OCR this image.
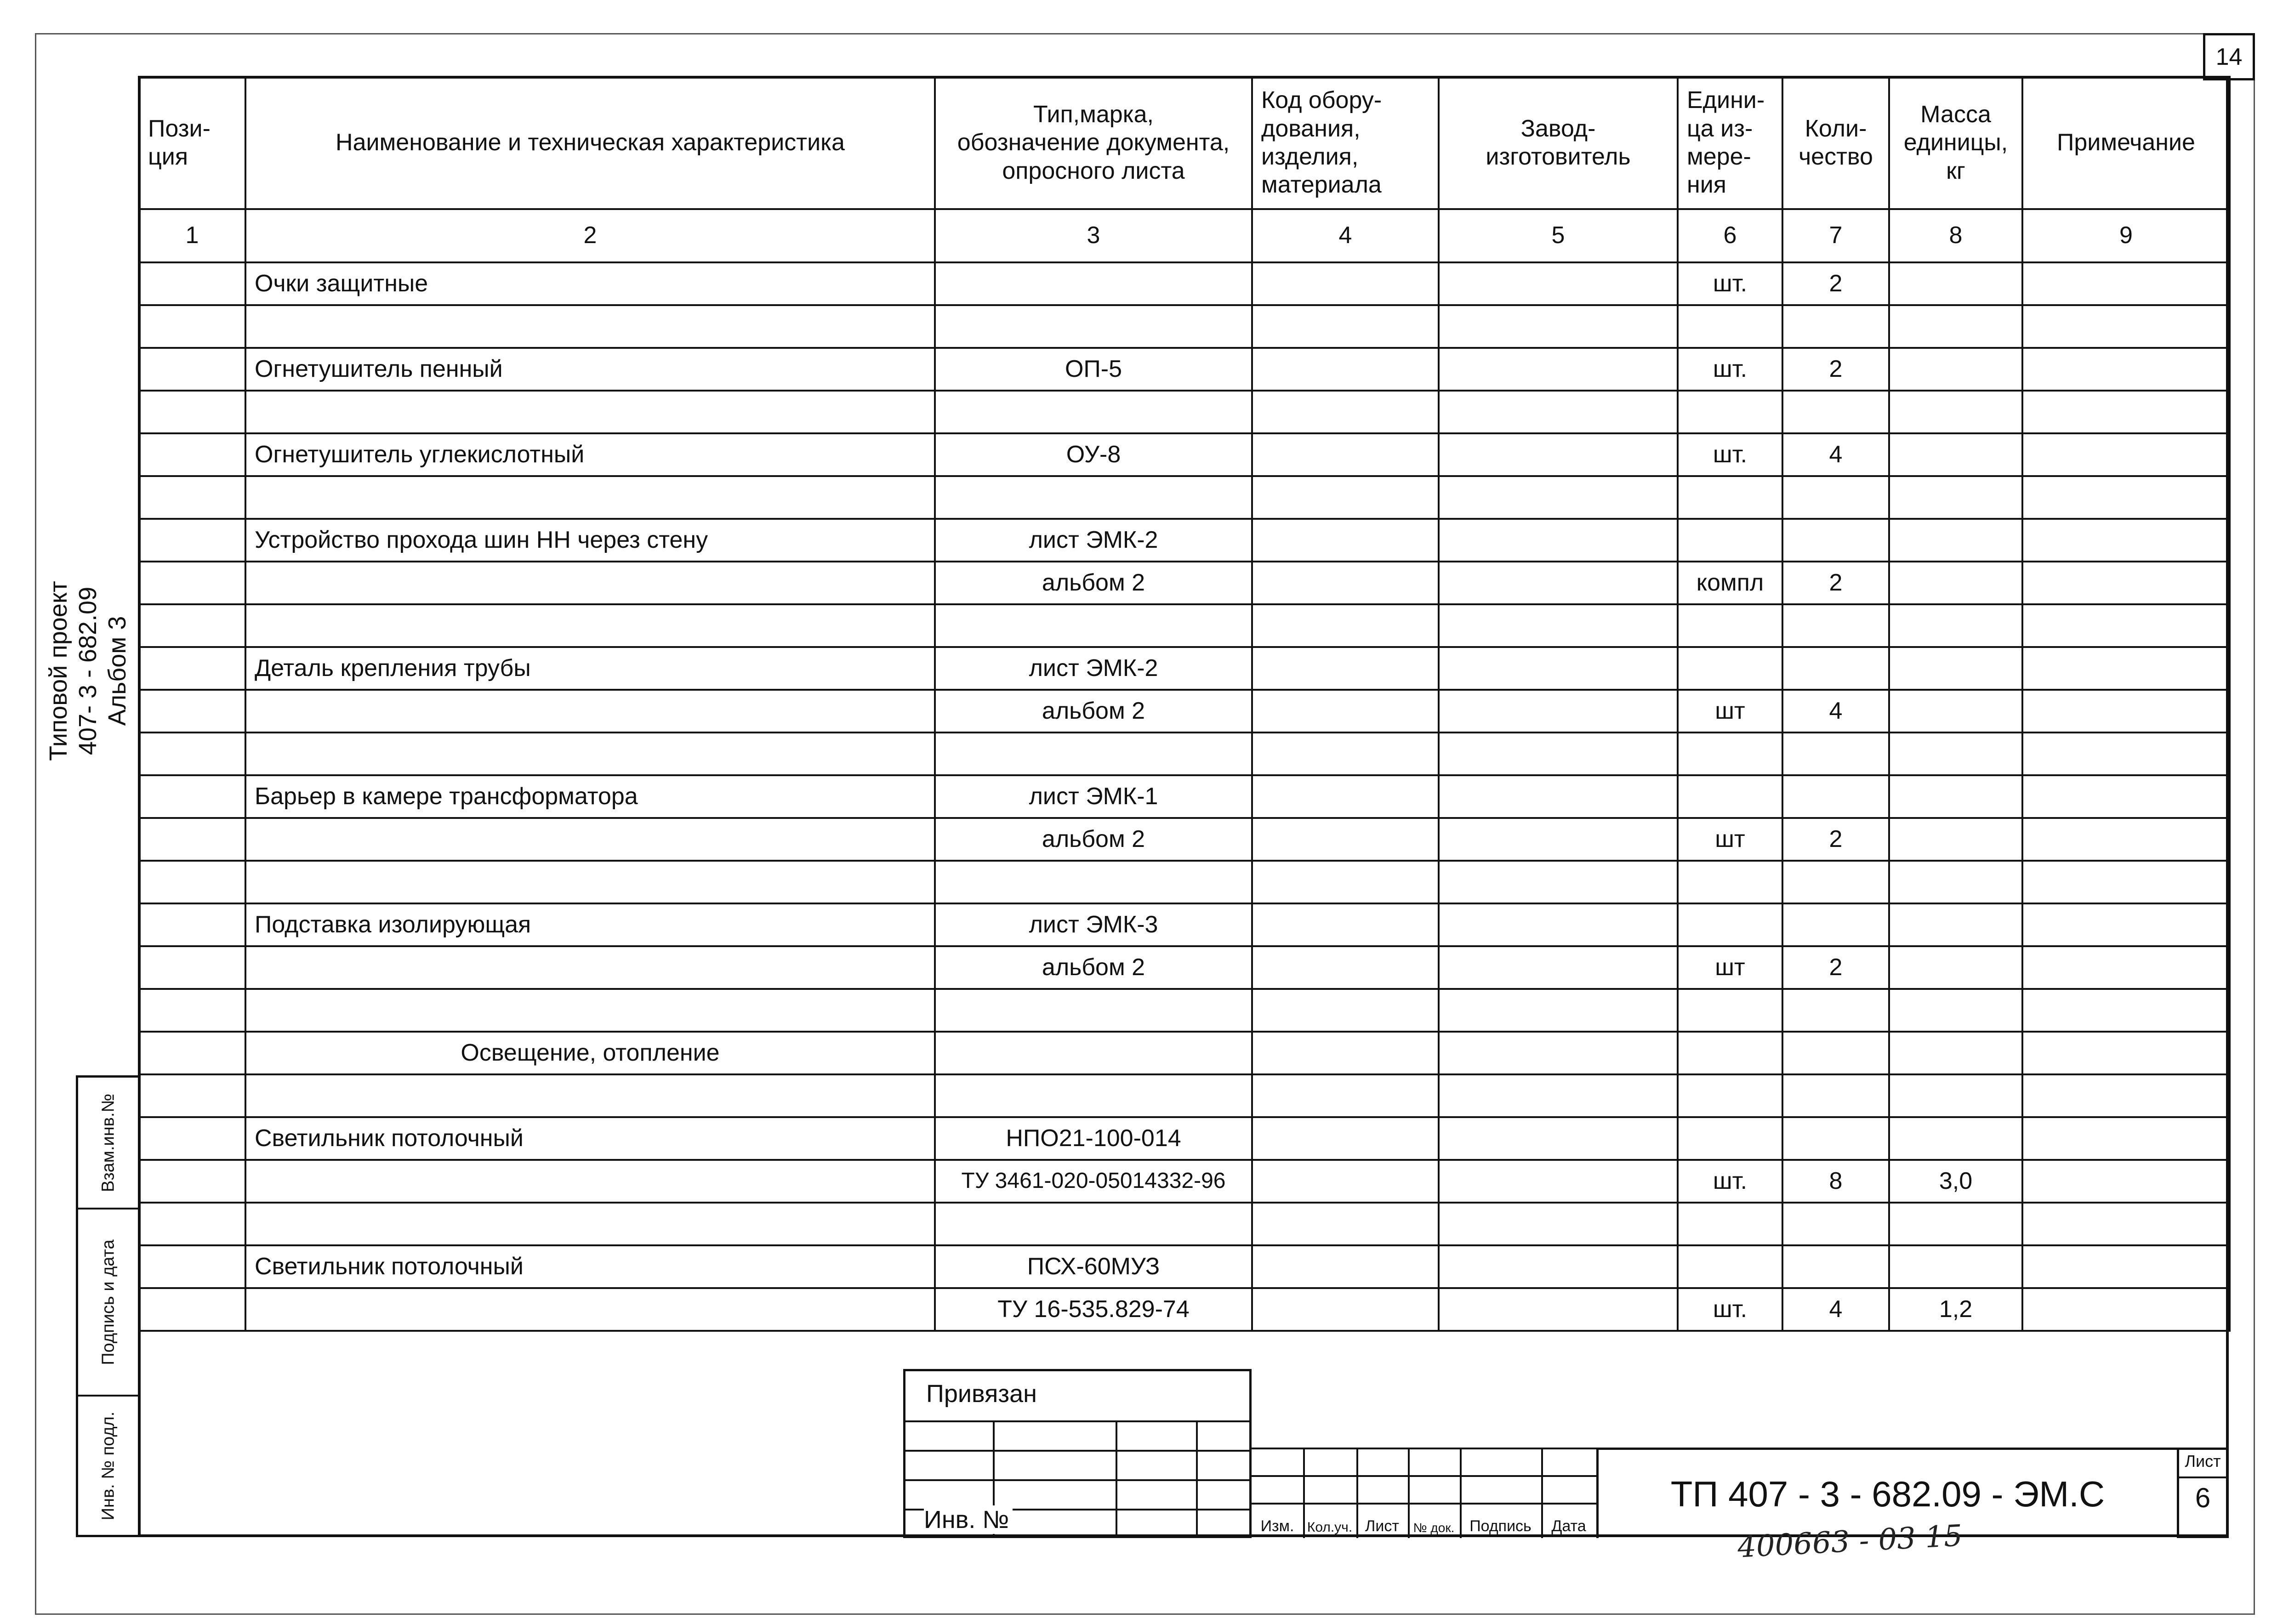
14
Типовой проект 407- 3 - 682.09 Альбом 3
Пози-
ция	Наименование и техническая характеристика	Тип,марка,
обозначение документа,
опросного листа	Код обору-
дования,
изделия,
материала	Завод-
изготовитель	Едини-
ца из-
мере-
ния	Коли-
чество	Масса
единицы,
кг	Примечание
1	2	3	4	5	6	7	8	9
	Очки защитные				шт.	2		

	Огнетушитель пенный	ОП-5			шт.	2		

	Огнетушитель углекислотный	ОУ-8			шт.	4		

	Устройство прохода шин НН через стену	лист ЭМК-2						
		альбом 2			компл	2		

	Деталь крепления трубы	лист ЭМК-2						
		альбом 2			шт	4		

	Барьер в камере трансформатора	лист ЭМК-1						
		альбом 2			шт	2		

	Подставка изолирующая	лист ЭМК-3						
		альбом 2			шт	2		

	Освещение, отопление							

	Светильник потолочный	НПО21-100-014						
		ТУ 3461-020-05014332-96			шт.	8	3,0	

	Светильник потолочный	ПСХ-60МУЗ						
		ТУ 16-535.829-74			шт.	4	1,2	
Взам.инв.№
Подпись и дата
Инв. № подл.
Привязан
Инв. №	Изм. Кол.уч. Лист	№ док. Подпись	Дата
ТП 407 - 3 - 682.09 - ЭМ.С
Лист
6
400663 - 03 15
